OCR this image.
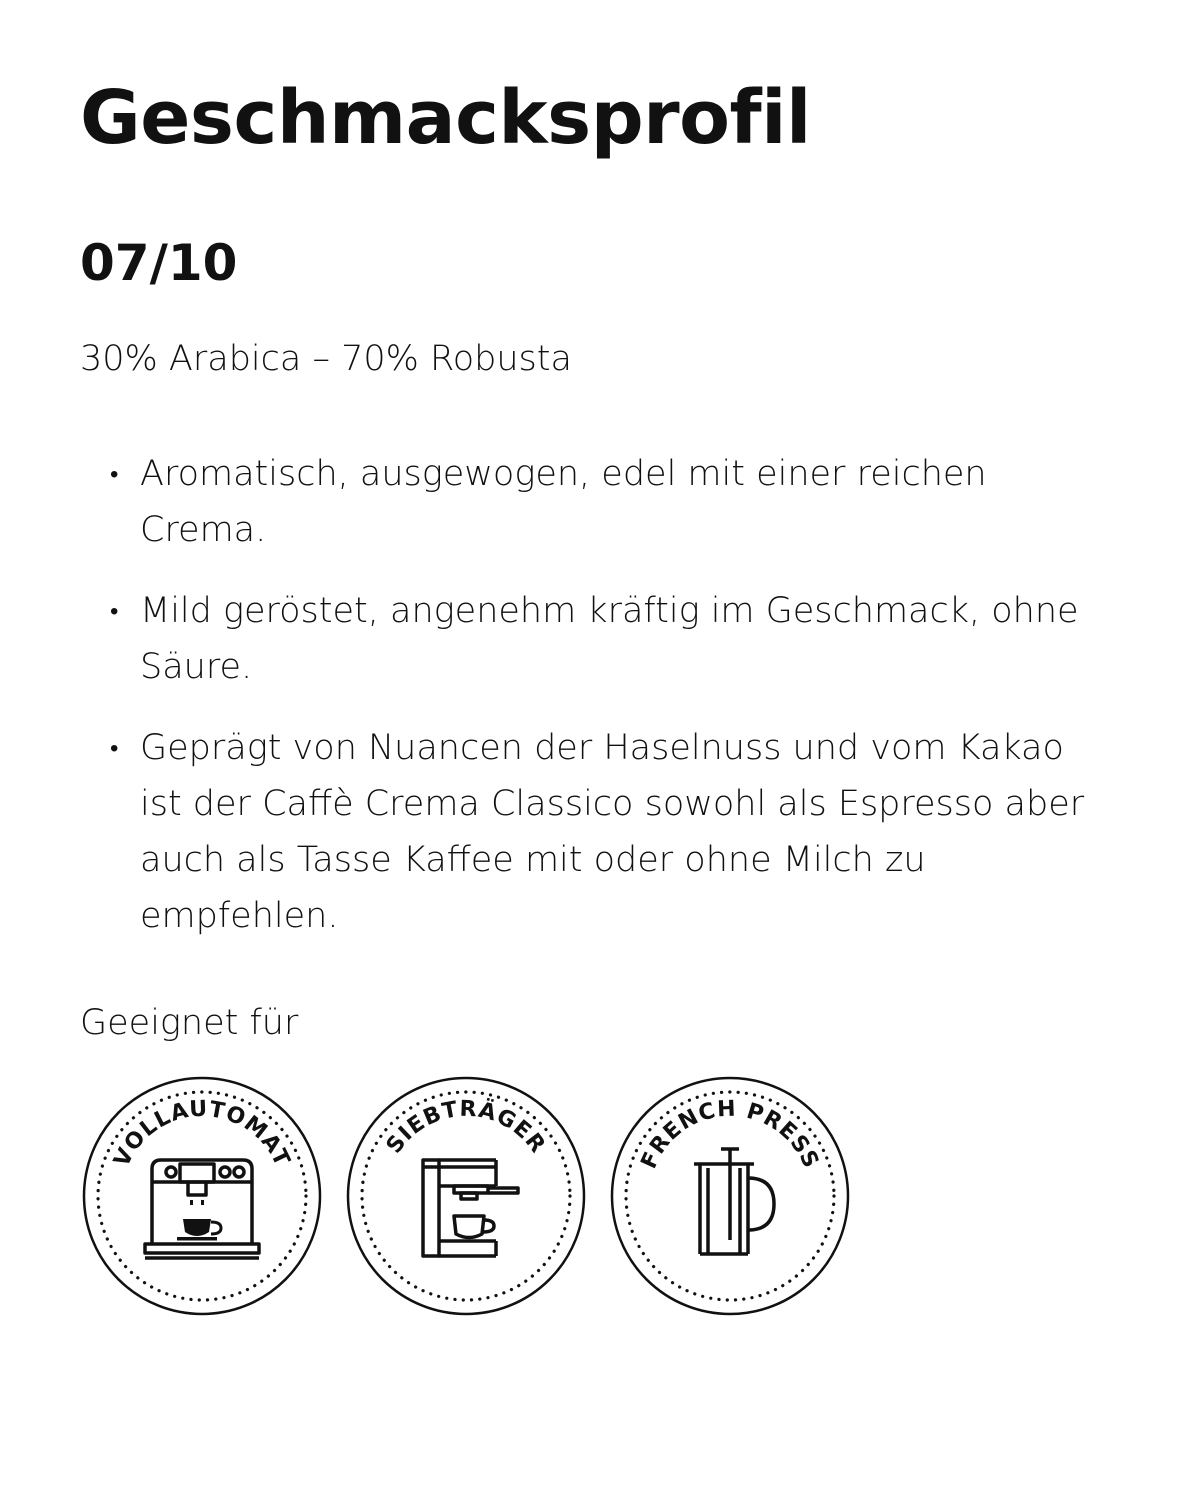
Geschmacksprofil
07/10
30% Arabica – 70% Robusta
• Aromatisch, ausgewogen, edel mit einer reichen Crema.
• Mild geröstet, angenehm kräftig im Geschmack, ohne Säure.
• Geprägt von Nuancen der Haselnuss und vom Kakao ist der Caffè Crema Classico sowohl als Espresso aber auch als Tasse Kaffee mit oder ohne Milch zu empfehlen.
Geeignet für
VOLLAUTOMAT	SIEBTRÄGER
FRENCH PRESS
